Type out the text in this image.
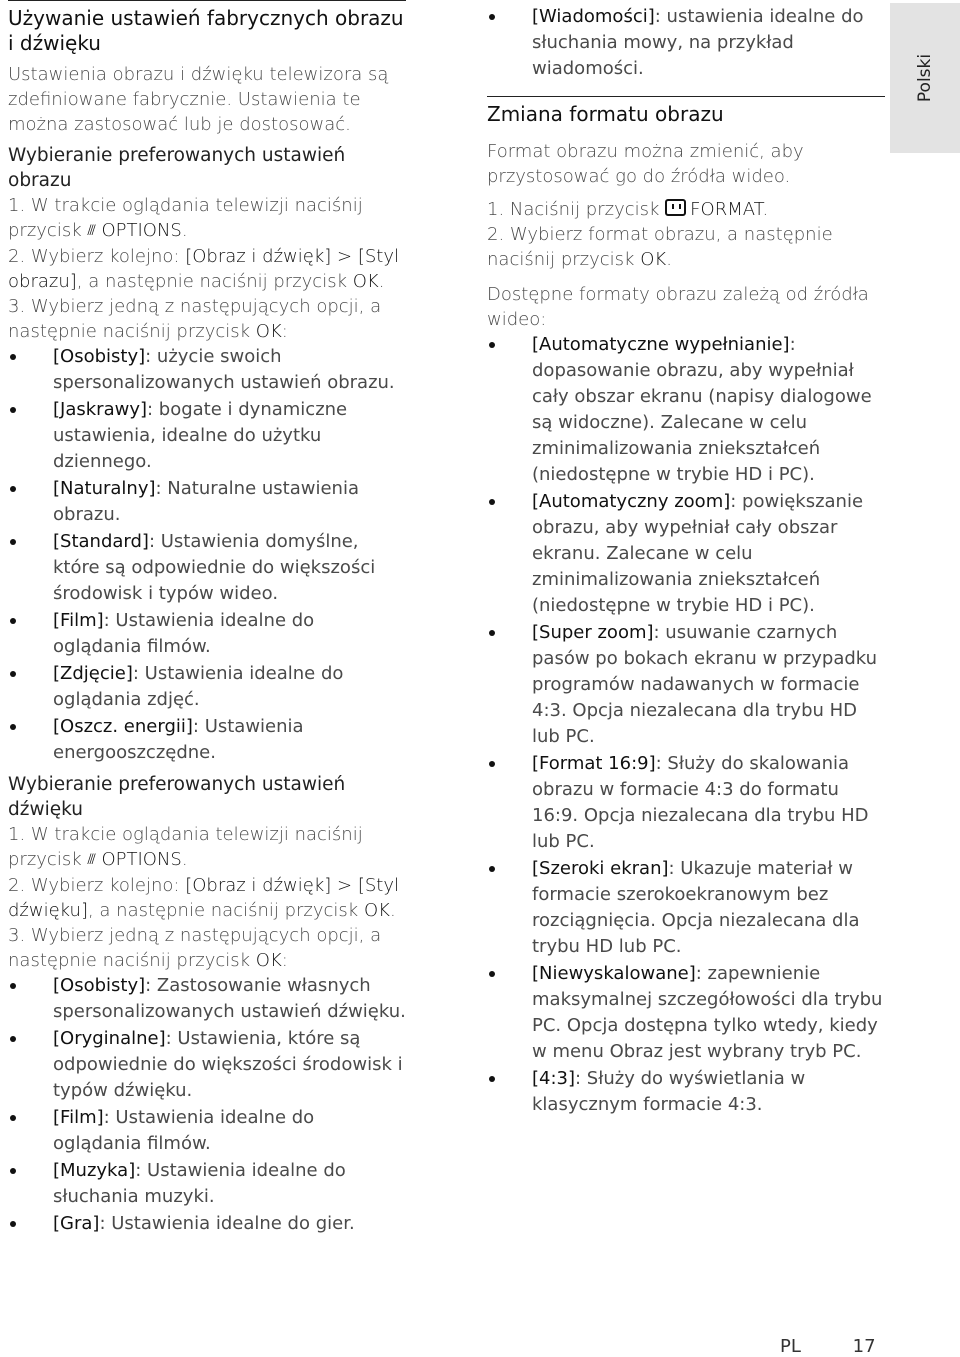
Używanie ustawień fabrycznych obrazu i dźwięku

Ustawienia obrazu i dźwięku telewizora są zdefiniowane fabrycznie. Ustawienia te można zastosować lub je dostosować.

Wybieranie preferowanych ustawień obrazu

1. W trakcie oglądania telewizji naciśnij przycisk ⫻ OPTIONS.

2. Wybierz kolejno: [Obraz i dźwięk] > [Styl obrazu], a następnie naciśnij przycisk OK.

3. Wybierz jedną z następujących opcji, a następnie naciśnij przycisk OK:

[Osobisty]: użycie swoich spersonalizowanych ustawień obrazu.
[Jaskrawy]: bogate i dynamiczne ustawienia, idealne do użytku dziennego.
[Naturalny]: Naturalne ustawienia obrazu.
[Standard]: Ustawienia domyślne, które są odpowiednie do większości środowisk i typów wideo.
[Film]: Ustawienia idealne do oglądania filmów.
[Zdjęcie]: Ustawienia idealne do oglądania zdjęć.
[Oszcz. energii]: Ustawienia energooszczędne.
Wybieranie preferowanych ustawień dźwięku

1. W trakcie oglądania telewizji naciśnij przycisk ⫻ OPTIONS.

2. Wybierz kolejno: [Obraz i dźwięk] > [Styl dźwięku], a następnie naciśnij przycisk OK.

3. Wybierz jedną z następujących opcji, a następnie naciśnij przycisk OK:

[Osobisty]: Zastosowanie własnych spersonalizowanych ustawień dźwięku.
[Oryginalne]: Ustawienia, które są odpowiednie do większości środowisk i typów dźwięku.
[Film]: Ustawienia idealne do oglądania filmów.
[Muzyka]: Ustawienia idealne do słuchania muzyki.
[Gra]: Ustawienia idealne do gier.
[Wiadomości]: ustawienia idealne do słuchania mowy, na przykład wiadomości.
Zmiana formatu obrazu

Format obrazu można zmienić, aby przystosować go do źródła wideo.

1. Naciśnij przycisk FORMAT.

2. Wybierz format obrazu, a następnie naciśnij przycisk OK.

Dostępne formaty obrazu zależą od źródła wideo:

[Automatyczne wypełnianie]: dopasowanie obrazu, aby wypełniał cały obszar ekranu (napisy dialogowe są widoczne). Zalecane w celu zminimalizowania zniekształceń (niedostępne w trybie HD i PC).
[Automatyczny zoom]: powiększanie obrazu, aby wypełniał cały obszar ekranu. Zalecane w celu zminimalizowania zniekształceń (niedostępne w trybie HD i PC).
[Super zoom]: usuwanie czarnych pasów po bokach ekranu w przypadku programów nadawanych w formacie 4:3. Opcja niezalecana dla trybu HD lub PC.
[Format 16:9]: Służy do skalowania obrazu w formacie 4:3 do formatu 16:9. Opcja niezalecana dla trybu HD lub PC.
[Szeroki ekran]: Ukazuje materiał w formacie szerokoekranowym bez rozciągnięcia. Opcja niezalecana dla trybu HD lub PC.
[Niewyskalowane]: zapewnienie maksymalnej szczegółowości dla trybu PC. Opcja dostępna tylko wtedy, kiedy w menu Obraz jest wybrany tryb PC.
[4:3]: Służy do wyświetlania w klasycznym formacie 4:3.
Polski
PL	17
